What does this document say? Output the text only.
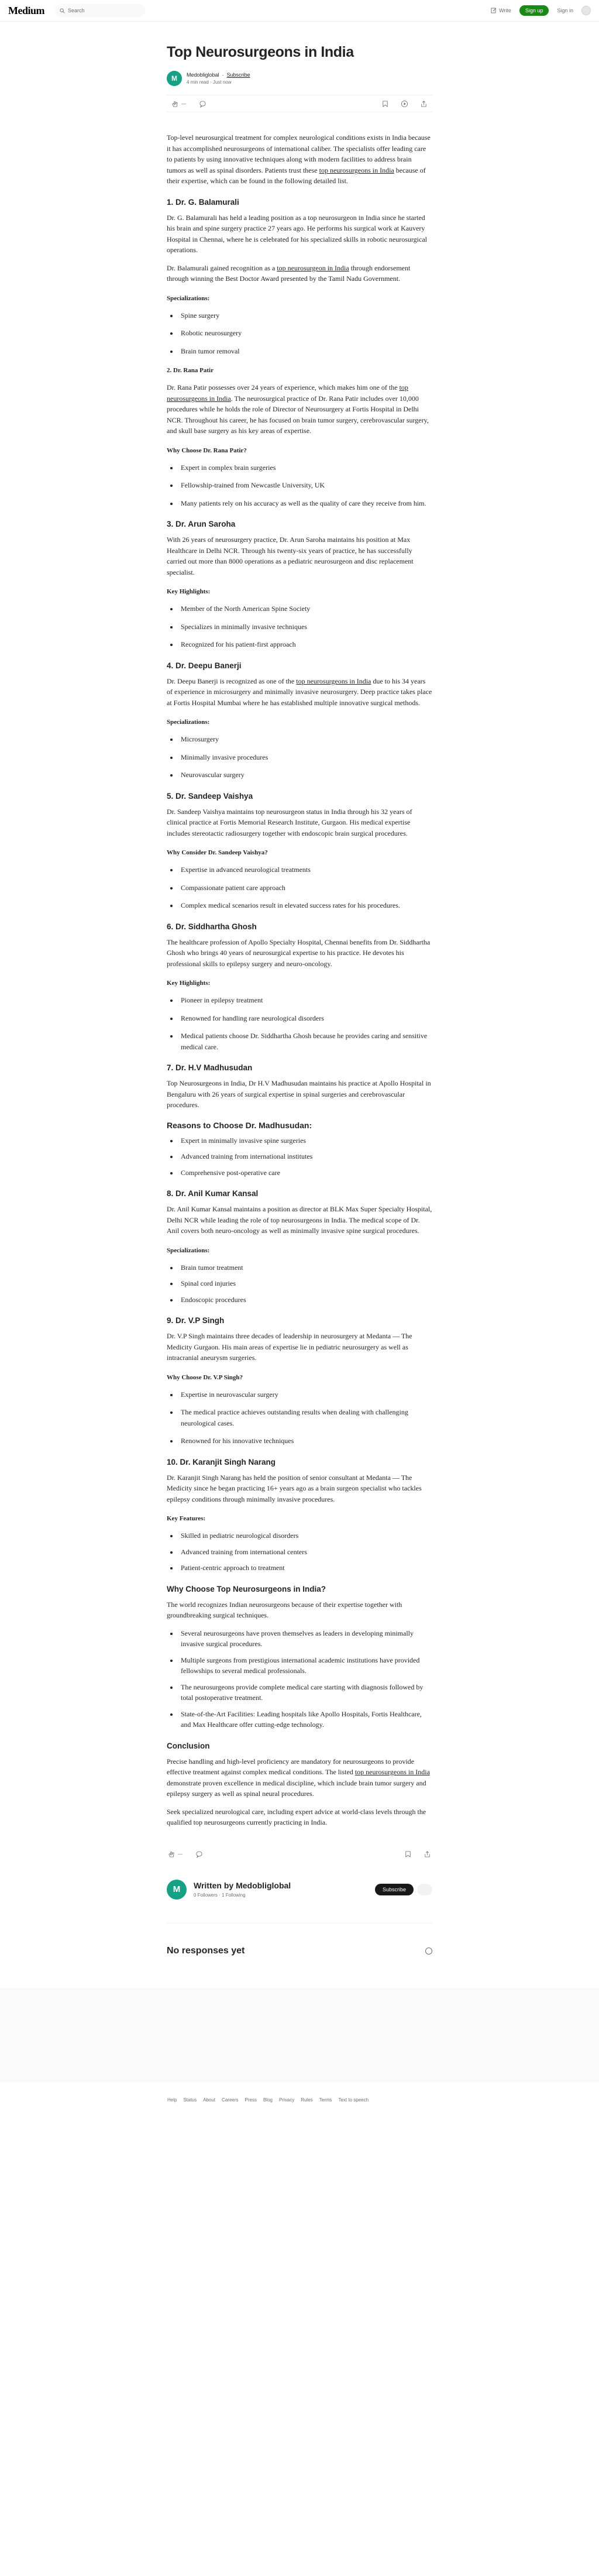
Medium	Search	Write	Sign up	Sign in
Top Neurosurgeons in India
M	Medobliglobal · Subscribe
4 min read · Just now
—

Top-level neurosurgical treatment for complex neurological conditions exists in India because it has accomplished neurosurgeons of international caliber. The specialists offer leading care to patients by using innovative techniques along with modern facilities to address brain tumors as well as spinal disorders. Patients trust these top neurosurgeons in India because of their expertise, which can be found in the following detailed list.

1. Dr. G. Balamurali

Dr. G. Balamurali has held a leading position as a top neurosurgeon in India since he started his brain and spine surgery practice 27 years ago. He performs his surgical work at Kauvery Hospital in Chennai, where he is celebrated for his specialized skills in robotic neurosurgical operations.

Dr. Balamurali gained recognition as a top neurosurgeon in India through endorsement through winning the Best Doctor Award presented by the Tamil Nadu Government.

Specializations:
• Spine surgery
• Robotic neurosurgery
• Brain tumor removal
2. Dr. Rana Patir

Dr. Rana Patir possesses over 24 years of experience, which makes him one of the top neurosurgeons in India. The neurosurgical practice of Dr. Rana Patir includes over 10,000 procedures while he holds the role of Director of Neurosurgery at Fortis Hospital in Delhi NCR. Throughout his career, he has focused on brain tumor surgery, cerebrovascular surgery, and skull base surgery as his key areas of expertise.

Why Choose Dr. Rana Patir?
• Expert in complex brain surgeries
• Fellowship-trained from Newcastle University, UK
• Many patients rely on his accuracy as well as the quality of care they receive from him.
3. Dr. Arun Saroha

With 26 years of neurosurgery practice, Dr. Arun Saroha maintains his position at Max Healthcare in Delhi NCR. Through his twenty-six years of practice, he has successfully carried out more than 8000 operations as a pediatric neurosurgeon and disc replacement specialist.

Key Highlights:
• Member of the North American Spine Society
• Specializes in minimally invasive techniques
• Recognized for his patient-first approach
4. Dr. Deepu Banerji

Dr. Deepu Banerji is recognized as one of the top neurosurgeons in India due to his 34 years of experience in microsurgery and minimally invasive neurosurgery. Deep practice takes place at Fortis Hospital Mumbai where he has established multiple innovative surgical methods.

Specializations:
• Microsurgery
• Minimally invasive procedures
• Neurovascular surgery
5. Dr. Sandeep Vaishya

Dr. Sandeep Vaishya maintains top neurosurgeon status in India through his 32 years of clinical practice at Fortis Memorial Research Institute, Gurgaon. His medical expertise includes stereotactic radiosurgery together with endoscopic brain surgical procedures.

Why Consider Dr. Sandeep Vaishya?
• Expertise in advanced neurological treatments
• Compassionate patient care approach
• Complex medical scenarios result in elevated success rates for his procedures.
6. Dr. Siddhartha Ghosh

The healthcare profession of Apollo Specialty Hospital, Chennai benefits from Dr. Siddhartha Ghosh who brings 40 years of neurosurgical expertise to his practice. He devotes his professional skills to epilepsy surgery and neuro-oncology.

Key Highlights:
• Pioneer in epilepsy treatment
• Renowned for handling rare neurological disorders
• Medical patients choose Dr. Siddhartha Ghosh because he provides caring and sensitive medical care.
7. Dr. H.V Madhusudan

Top Neurosurgeons in India, Dr H.V Madhusudan maintains his practice at Apollo Hospital in Bengaluru with 26 years of surgical expertise in spinal surgeries and cerebrovascular procedures.

Reasons to Choose Dr. Madhusudan:
• Expert in minimally invasive spine surgeries
• Advanced training from international institutes
• Comprehensive post-operative care
8. Dr. Anil Kumar Kansal

Dr. Anil Kumar Kansal maintains a position as director at BLK Max Super Specialty Hospital, Delhi NCR while leading the role of top neurosurgeons in India. The medical scope of Dr. Anil covers both neuro-oncology as well as minimally invasive spine surgical procedures.

Specializations:
• Brain tumor treatment
• Spinal cord injuries
• Endoscopic procedures
9. Dr. V.P Singh

Dr. V.P Singh maintains three decades of leadership in neurosurgery at Medanta — The Medicity Gurgaon. His main areas of expertise lie in pediatric neurosurgery as well as intracranial aneurysm surgeries.

Why Choose Dr. V.P Singh?
• Expertise in neurovascular surgery
• The medical practice achieves outstanding results when dealing with challenging neurological cases.
• Renowned for his innovative techniques
10. Dr. Karanjit Singh Narang

Dr. Karanjit Singh Narang has held the position of senior consultant at Medanta — The Medicity since he began practicing 16+ years ago as a brain surgeon specialist who tackles epilepsy conditions through minimally invasive procedures.

Key Features:
• Skilled in pediatric neurological disorders
• Advanced training from international centers
• Patient-centric approach to treatment
Why Choose Top Neurosurgeons in India?

The world recognizes Indian neurosurgeons because of their expertise together with groundbreaking surgical techniques.

• Several neurosurgeons have proven themselves as leaders in developing minimally invasive surgical procedures.
• Multiple surgeons from prestigious international academic institutions have provided fellowships to several medical professionals.
• The neurosurgeons provide complete medical care starting with diagnosis followed by total postoperative treatment.
• State-of-the-Art Facilities: Leading hospitals like Apollo Hospitals, Fortis Healthcare, and Max Healthcare offer cutting-edge technology.
Conclusion

Precise handling and high-level proficiency are mandatory for neurosurgeons to provide effective treatment against complex medical conditions. The listed top neurosurgeons in India demonstrate proven excellence in medical discipline, which include brain tumor surgery and epilepsy surgery as well as spinal neural procedures.

Seek specialized neurological care, including expert advice at world-class levels through the qualified top neurosurgeons currently practicing in India.

—
M	Written by Medobliglobal
0 Followers · 1 Following
Subscribe
No responses yet
Help Status About Careers Press Blog Privacy Rules Terms Text to speech
